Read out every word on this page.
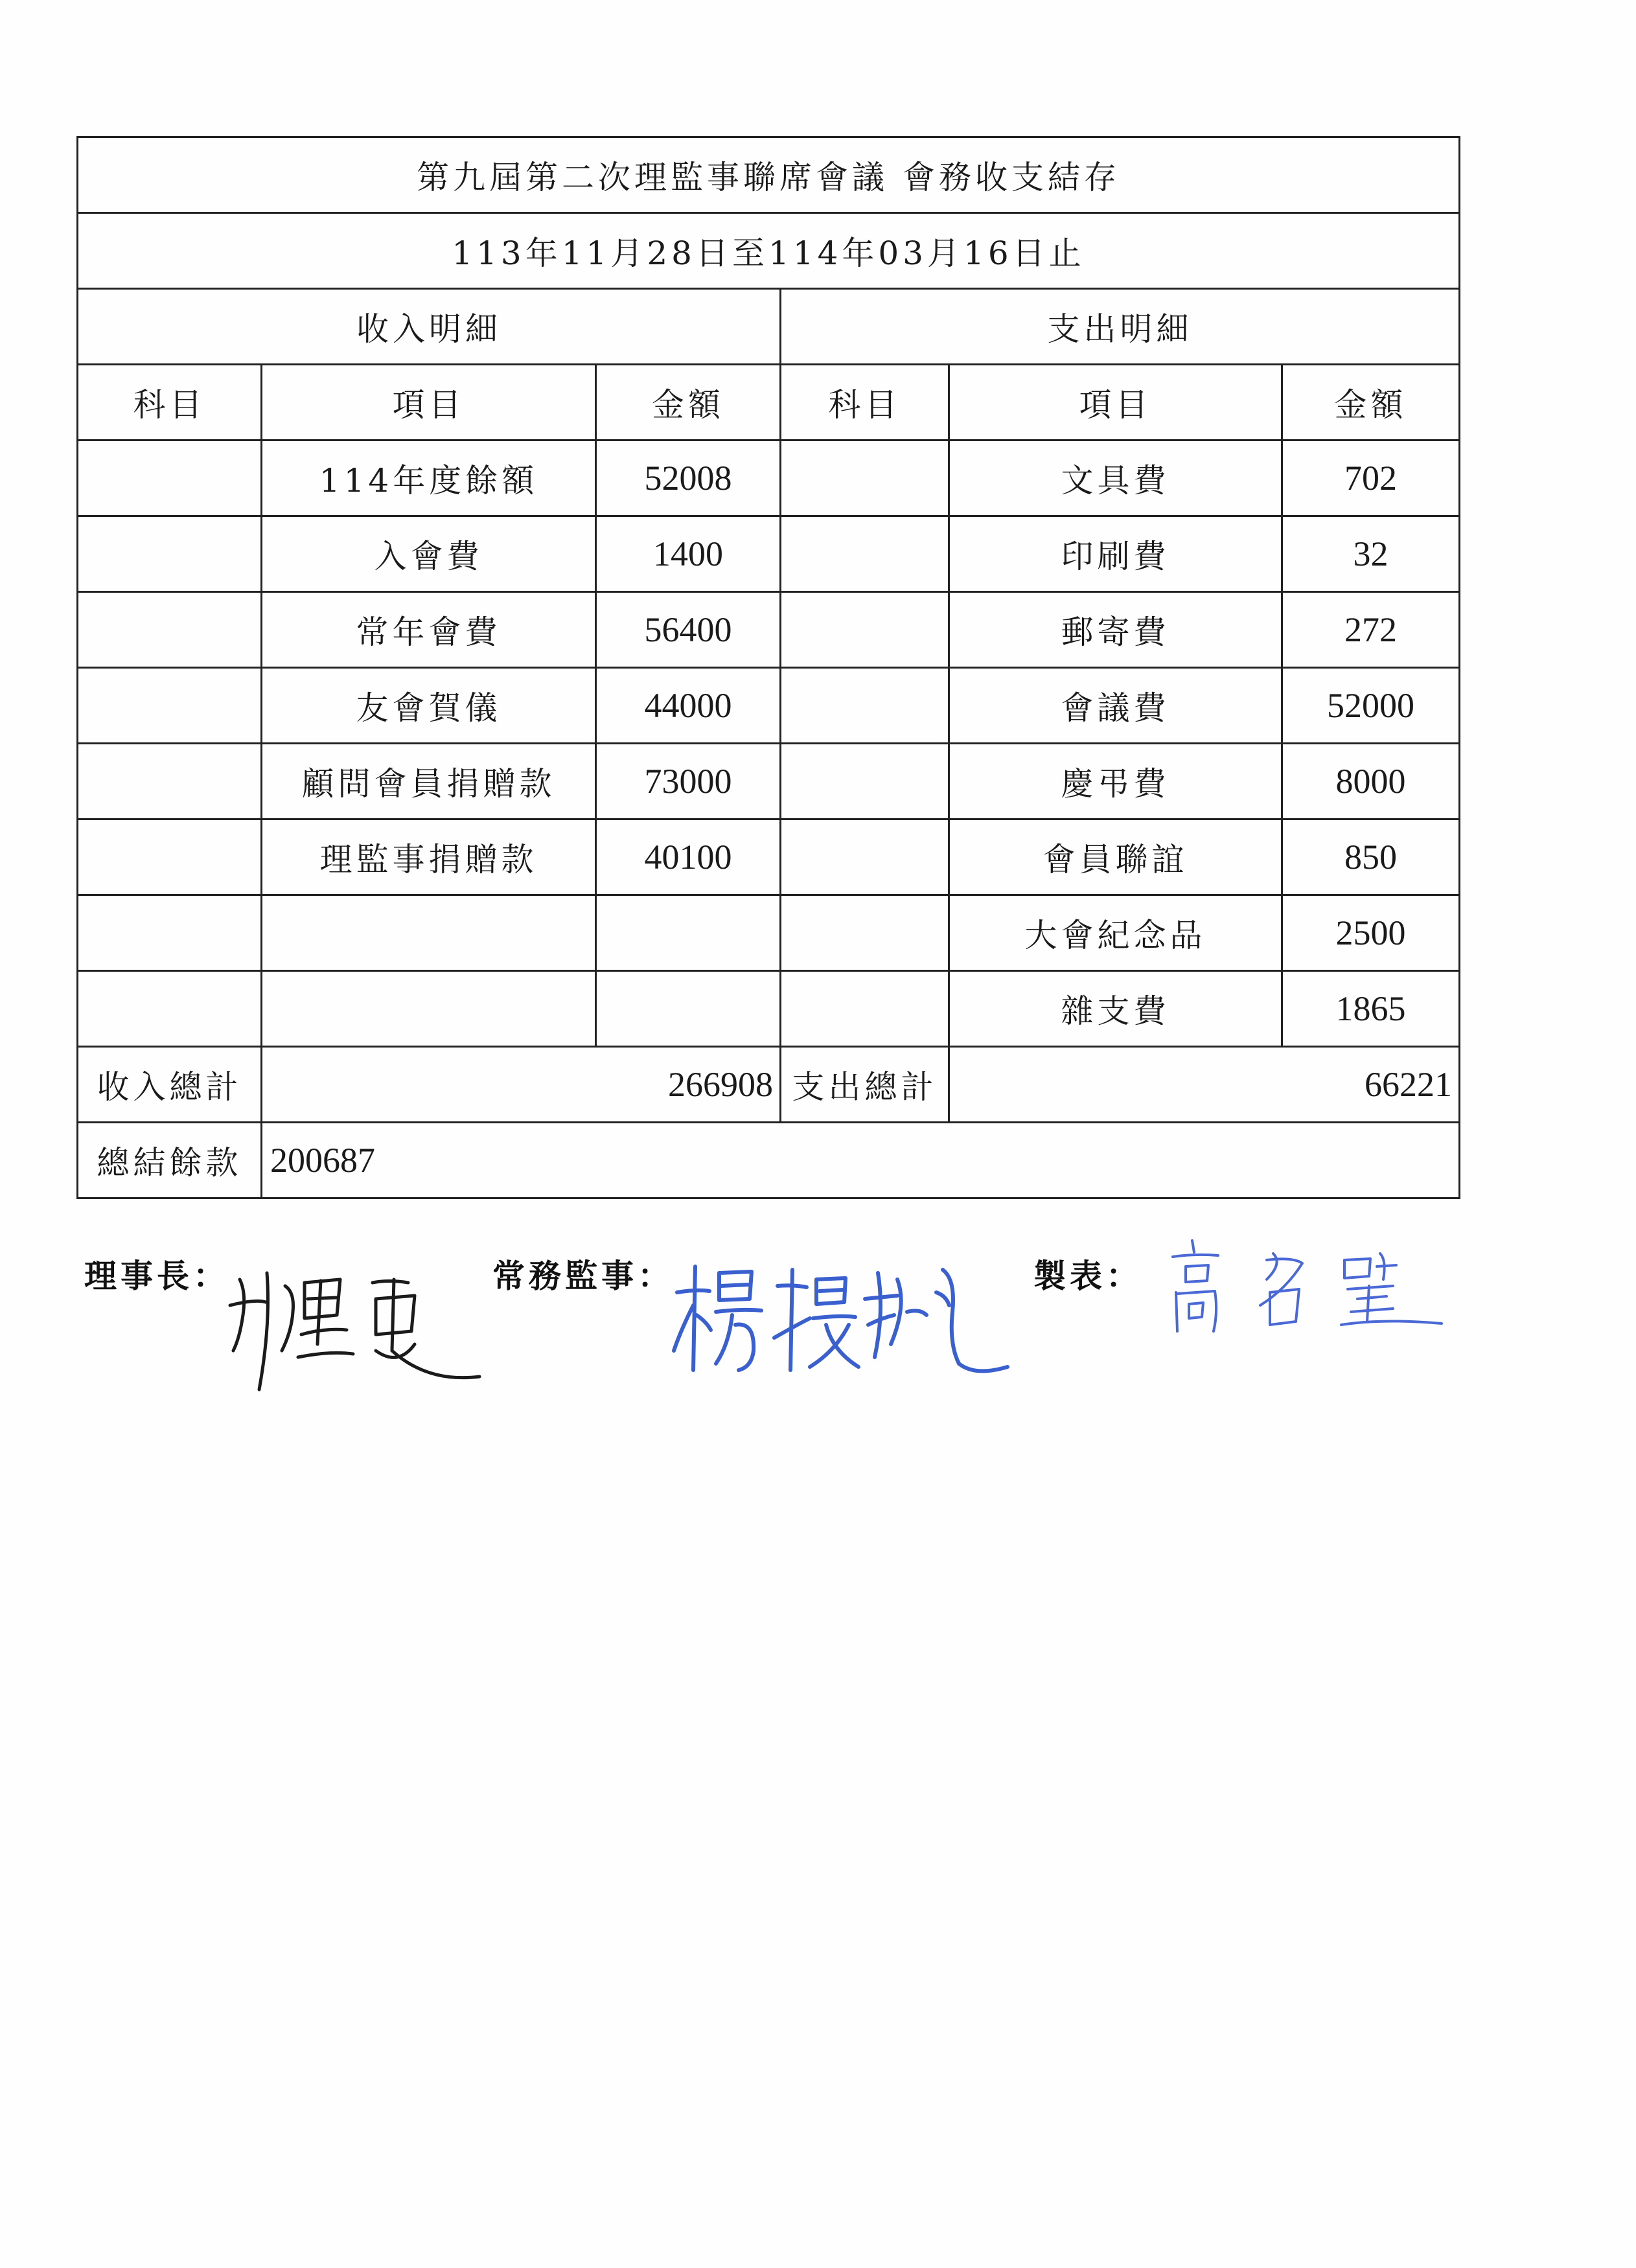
第九屆第二次理監事聯席會議 會務收支結存					
113年11月28日至114年03月16日止					
收入明細			支出明細		
科目	項目	金額	科目	項目	金額
	114年度餘額	52008		文具費	702
	入會費	1400		印刷費	32
	常年會費	56400		郵寄費	272
	友會賀儀	44000		會議費	52000
	顧問會員捐贈款	73000		慶弔費	8000
	理監事捐贈款	40100		會員聯誼	850
				大會紀念品	2500
				雜支費	1865
收入總計	266908		支出總計	66221	
總結餘款	200687				
理事長：	常務監事：	製表：
